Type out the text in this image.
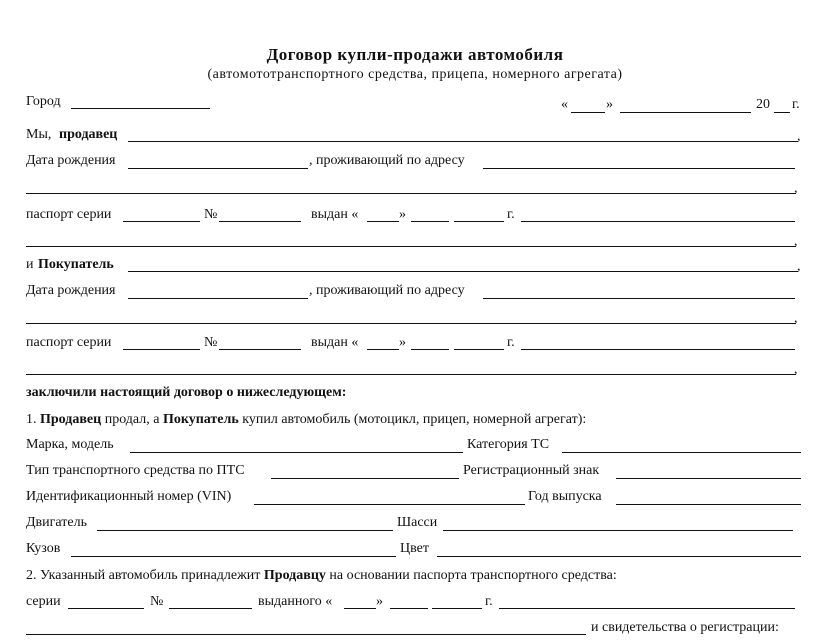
Договор купли-продажи автомобиля
(автомототранспортного средства, прицепа, номерного агрегата)
Город	«	»	20 г.
Мы, продавец	,
Дата рождения	, проживающий по адресу
,
паспорт серии	№	выдан «	»	г.
,
и Покупатель	,
Дата рождения	, проживающий по адресу
,
паспорт серии	№	выдан «	»	г.
,
заключили настоящий договор о нижеследующем:
1. Продавец продал, а Покупатель купил автомобиль (мотоцикл, прицеп, номерной агрегат):
Марка, модель	Категория ТС
Тип транспортного средства по ПТС	Регистрационный знак
Идентификационный номер (VIN)	Год выпуска
Двигатель	Шасси
Кузов	Цвет
2. Указанный автомобиль принадлежит Продавцу на основании паспорта транспортного средства:
серии	№	выданного «	»	г.
и свидетельства о регистрации:
